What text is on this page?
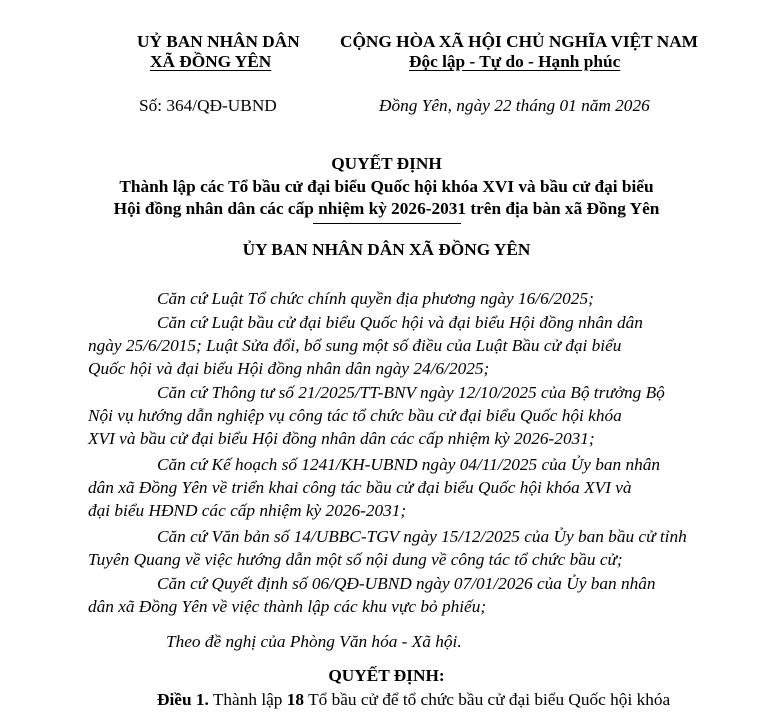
UỶ BAN NHÂN DÂN
XÃ ĐỒNG YÊN
CỘNG HÒA XÃ HỘI CHỦ NGHĨA VIỆT NAM
Độc lập - Tự do - Hạnh phúc
Số: 364/QĐ-UBND	Đồng Yên, ngày 22 tháng 01 năm 2026
QUYẾT ĐỊNH
Thành lập các Tổ bầu cử đại biểu Quốc hội khóa XVI và bầu cử đại biểu
Hội đồng nhân dân các cấp nhiệm kỳ 2026-2031 trên địa bàn xã Đồng Yên
ỦY BAN NHÂN DÂN XÃ ĐỒNG YÊN
Căn cứ Luật Tổ chức chính quyền địa phương ngày 16/6/2025;
Căn cứ Luật bầu cử đại biểu Quốc hội và đại biểu Hội đồng nhân dân
ngày 25/6/2015; Luật Sửa đổi, bổ sung một số điều của Luật Bầu cử đại biểu
Quốc hội và đại biểu Hội đồng nhân dân ngày 24/6/2025;
Căn cứ Thông tư số 21/2025/TT-BNV ngày 12/10/2025 của Bộ trưởng Bộ
Nội vụ hướng dẫn nghiệp vụ công tác tổ chức bầu cử đại biểu Quốc hội khóa
XVI và bầu cử đại biểu Hội đồng nhân dân các cấp nhiệm kỳ 2026-2031;
Căn cứ Kế hoạch số 1241/KH-UBND ngày 04/11/2025 của Ủy ban nhân
dân xã Đồng Yên về triển khai công tác bầu cử đại biểu Quốc hội khóa XVI và
đại biểu HĐND các cấp nhiệm kỳ 2026-2031;
Căn cứ Văn bản số 14/UBBC-TGV ngày 15/12/2025 của Ủy ban bầu cử tỉnh
Tuyên Quang về việc hướng dẫn một số nội dung về công tác tổ chức bầu cử;
Căn cứ Quyết định số 06/QĐ-UBND ngày 07/01/2026 của Ủy ban nhân
dân xã Đồng Yên về việc thành lập các khu vực bỏ phiếu;
Theo đề nghị của Phòng Văn hóa - Xã hội.
QUYẾT ĐỊNH:
Điều 1. Thành lập 18 Tổ bầu cử để tổ chức bầu cử đại biểu Quốc hội khóa
